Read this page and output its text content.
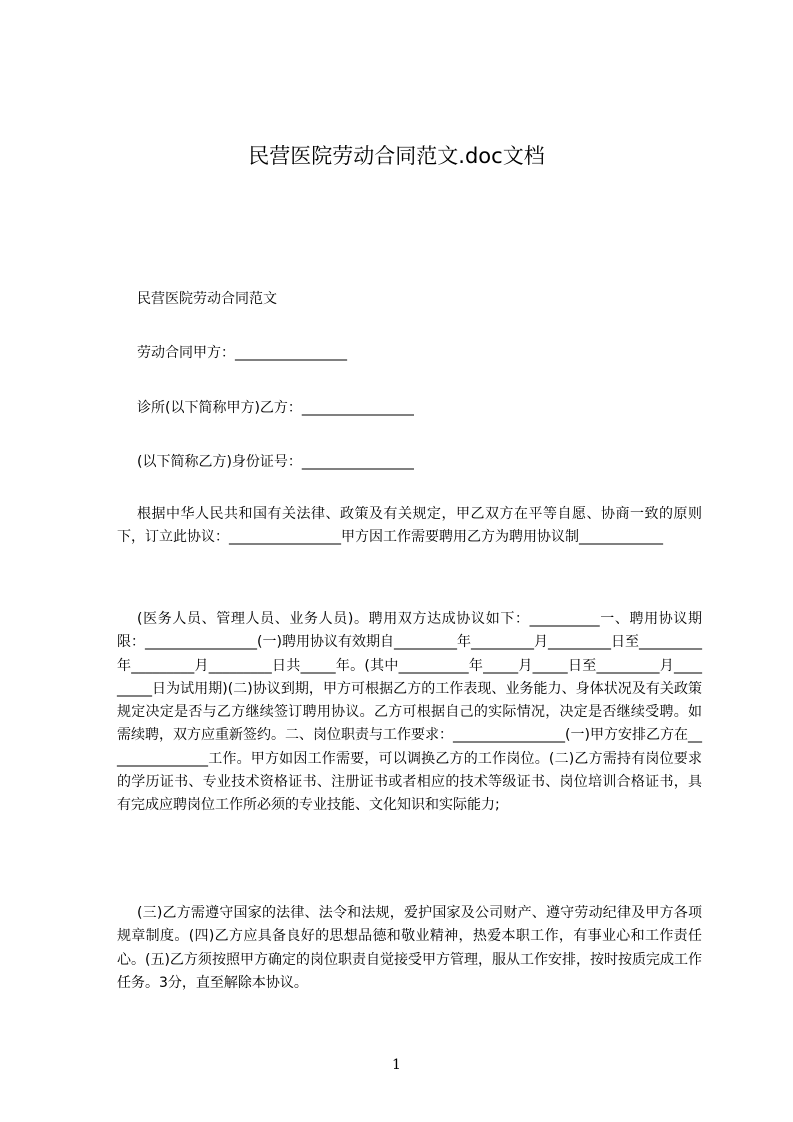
民营医院劳动合同范文.doc文档

民营医院劳动合同范文

劳动合同甲方：________________

诊所(以下简称甲方)乙方：________________

(以下简称乙方)身份证号：________________

根据中华人民共和国有关法律、政策及有关规定，甲乙双方在平等自愿、协商一致的原则下，订立此协议：________________甲方因工作需要聘用乙方为聘用协议制____________

(医务人员、管理人员、业务人员)。聘用双方达成协议如下：__________一、聘用协议期限：________________(一)聘用协议有效期自_________年_________月_________日至_________年_________月_________日共_____年。(其中__________年_____月_____日至_________月_________日为试用期)(二)协议到期，甲方可根据乙方的工作表现、业务能力、身体状况及有关政策规定决定是否与乙方继续签订聘用协议。乙方可根据自己的实际情况，决定是否继续受聘。如需续聘，双方应重新签约。二、岗位职责与工作要求：________________(一)甲方安排乙方在_______________工作。甲方如因工作需要，可以调换乙方的工作岗位。(二)乙方需持有岗位要求的学历证书、专业技术资格证书、注册证书或者相应的技术等级证书、岗位培训合格证书，具有完成应聘岗位工作所必须的专业技能、文化知识和实际能力;

(三)乙方需遵守国家的法律、法令和法规，爱护国家及公司财产、遵守劳动纪律及甲方各项规章制度。(四)乙方应具备良好的思想品德和敬业精神，热爱本职工作，有事业心和工作责任心。(五)乙方须按照甲方确定的岗位职责自觉接受甲方管理，服从工作安排，按时按质完成工作任务。3分，直至解除本协议。

1
